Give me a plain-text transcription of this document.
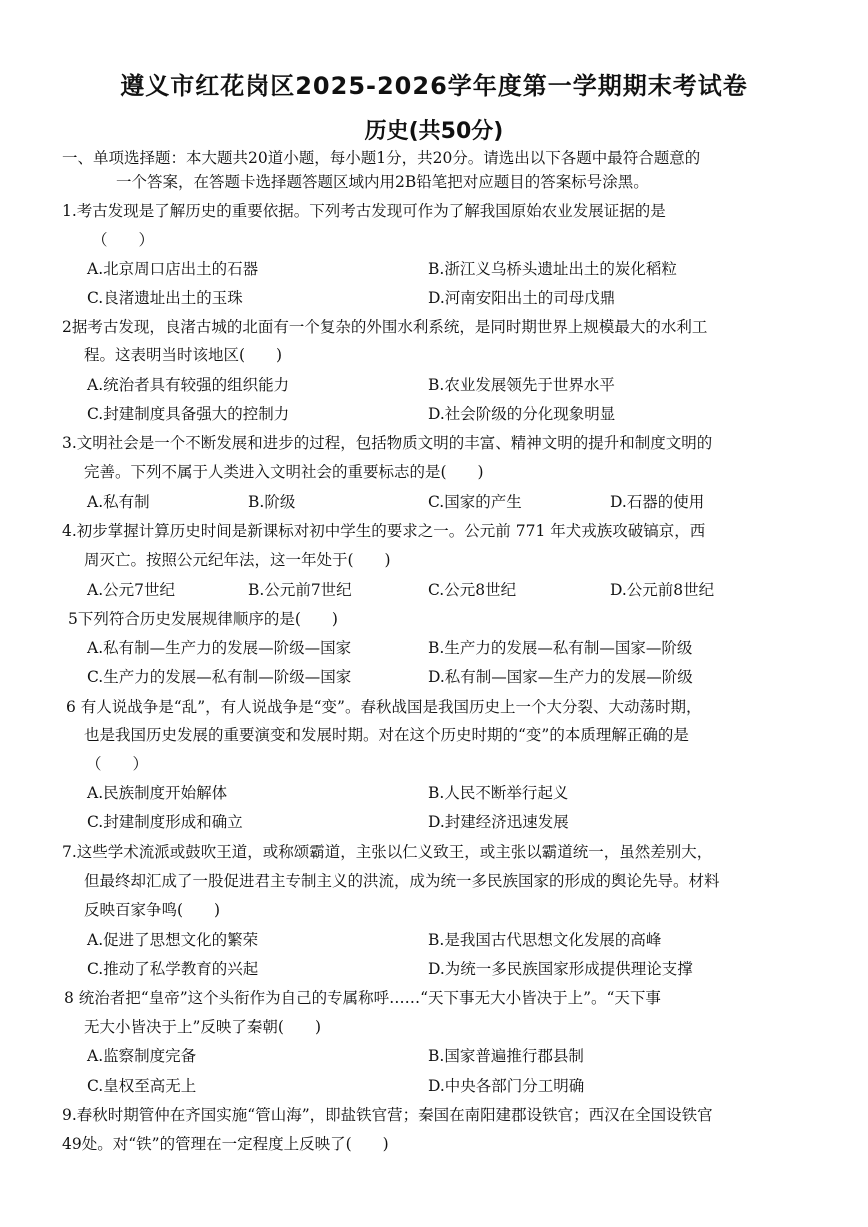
遵义市红花岗区2025-2026学年度第一学期期末考试卷
历史(共50分)
一、单项选择题：本大题共20道小题，每小题1分，共20分。请选出以下各题中最符合题意的
一个答案，在答题卡选择题答题区域内用2B铅笔把对应题目的答案标号涂黑。
1.考古发现是了解历史的重要依据。下列考古发现可作为了解我国原始农业发展证据的是
（　　）
A.北京周口店出土的石器	B.浙江义乌桥头遗址出土的炭化稻粒
C.良渚遗址出土的玉珠	D.河南安阳出土的司母戊鼎
2据考古发现，良渚古城的北面有一个复杂的外围水利系统，是同时期世界上规模最大的水利工
程。这表明当时该地区(　　)
A.统治者具有较强的组织能力	B.农业发展领先于世界水平
C.封建制度具备强大的控制力	D.社会阶级的分化现象明显
3.文明社会是一个不断发展和进步的过程，包括物质文明的丰富、精神文明的提升和制度文明的
完善。下列不属于人类进入文明社会的重要标志的是(　　)
A.私有制	B.阶级	C.国家的产生	D.石器的使用
4.初步掌握计算历史时间是新课标对初中学生的要求之一。公元前 771 年犬戎族攻破镐京，西
周灭亡。按照公元纪年法，这一年处于(　　)
A.公元7世纪	B.公元前7世纪	C.公元8世纪	D.公元前8世纪
5下列符合历史发展规律顺序的是(　　)
A.私有制—生产力的发展—阶级—国家	B.生产力的发展—私有制—国家—阶级
C.生产力的发展—私有制—阶级—国家	D.私有制—国家—生产力的发展—阶级
6 有人说战争是“乱”，有人说战争是“变”。春秋战国是我国历史上一个大分裂、大动荡时期，
也是我国历史发展的重要演变和发展时期。对在这个历史时期的“变”的本质理解正确的是
（　　）
A.民族制度开始解体	B.人民不断举行起义
C.封建制度形成和确立	D.封建经济迅速发展
7.这些学术流派或鼓吹王道，或称颂霸道，主张以仁义致王，或主张以霸道统一，虽然差别大，
但最终却汇成了一股促进君主专制主义的洪流，成为统一多民族国家的形成的舆论先导。材料
反映百家争鸣(　　)
A.促进了思想文化的繁荣	B.是我国古代思想文化发展的高峰
C.推动了私学教育的兴起	D.为统一多民族国家形成提供理论支撑
8 统治者把“皇帝”这个头衔作为自己的专属称呼……“天下事无大小皆决于上”。“天下事
无大小皆决于上”反映了秦朝(　　)
A.监察制度完备	B.国家普遍推行郡县制
C.皇权至高无上	D.中央各部门分工明确
9.春秋时期管仲在齐国实施“管山海”，即盐铁官营；秦国在南阳建郡设铁官；西汉在全国设铁官
49处。对“铁”的管理在一定程度上反映了(　　)
